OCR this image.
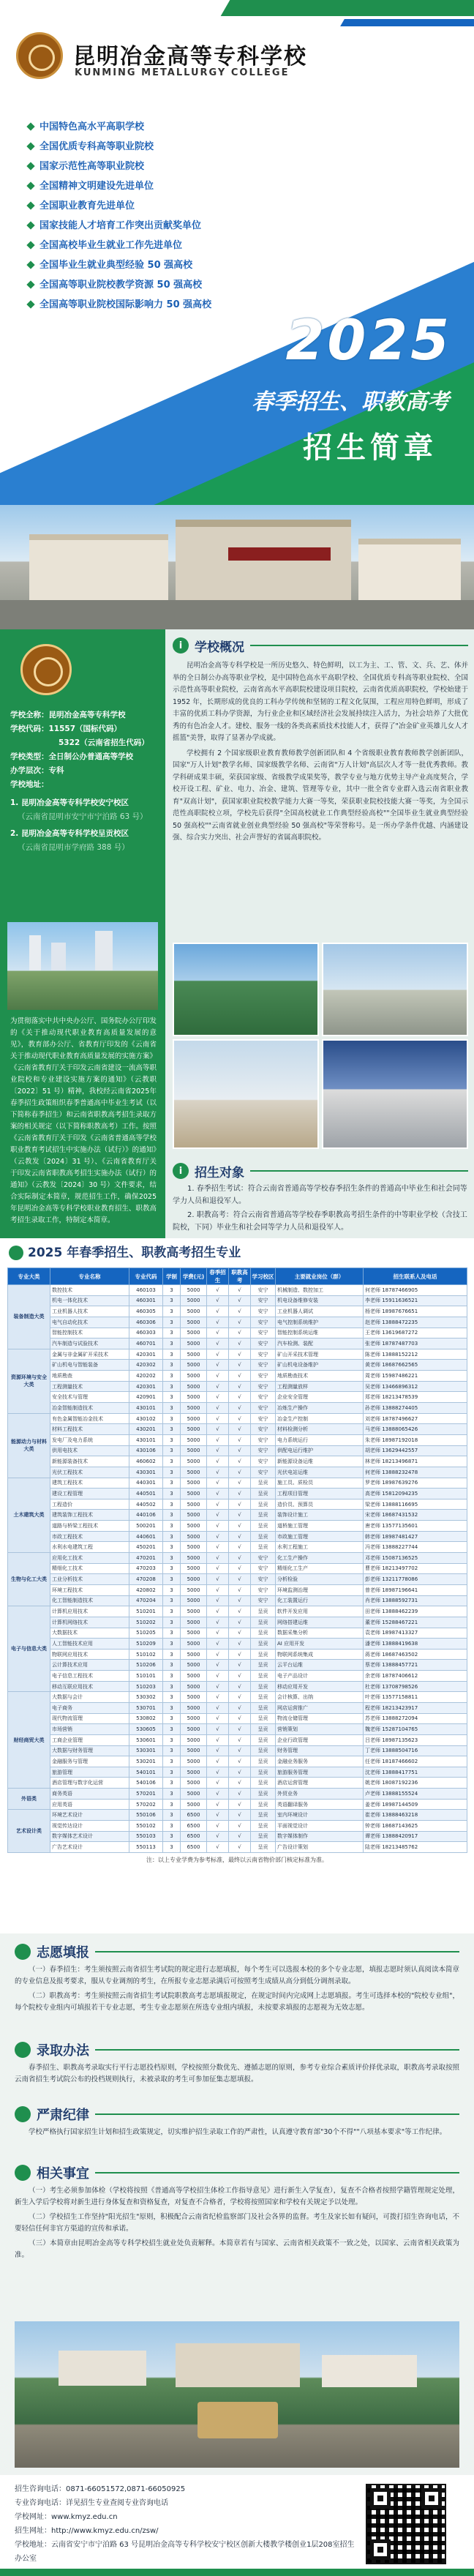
昆明冶金高等专科学校
KUNMING METALLURGY COLLEGE
中国特色高水平高职学校
全国优质专科高等职业院校
国家示范性高等职业院校
全国精神文明建设先进单位
全国职业教育先进单位
国家技能人才培育工作突出贡献奖单位
全国高校毕业生就业工作先进单位
全国毕业生就业典型经验 50 强高校
全国高等职业院校教学资源 50 强高校
全国高等职业院校国际影响力 50 强高校
2025
春季招生、职教高考
招生简章
学校全称：昆明冶金高等专科学校
学校代码：11557（国标代码）
5322（云南省招生代码）
学校类型：全日制公办普通高等学校
办学层次：专科
学校地址：
1. 昆明冶金高等专科学校安宁校区
（云南省昆明市安宁市宁泊路 63 号）
2. 昆明冶金高等专科学校呈贡校区
（云南省昆明市学府路 388 号）
为贯彻落实中共中央办公厅、国务院办公厅印发的《关于推动现代职业教育高质量发展的意见》，教育部办公厅、省教育厅印发的《云南省关于推动现代职业教育高质量发展的实施方案》《云南省教育厅关于印发云南省建设一流高等职业院校和专业建设实施方案的通知》（云教职〔2022〕51 号）精神，我校经云南省2025年春季招生政策组织春季普通高中毕业生考试（以下简称春季招生）和云南省职教高考招生录取方案的相关规定（以下简称职教高考）工作。按照《云南省教育厅关于印发《云南省普通高等学校职业教育考试招生中实施办法（试行）》的通知》（云教发〔2024〕31 号）、《云南省教育厅关于印发云南省职教高考招生实施办法（试行）的通知》（云教发〔2024〕30 号）文件要求，结合实际制定本简章，规范招生工作，确保2025年昆明冶金高等专科学校职业教育招生、职教高考招生录取工作，特制定本简章。
i 学校概况

昆明冶金高等专科学校是一所历史悠久、特色鲜明，以工为主、工、管、文、兵、艺、体并举的全日制公办高等职业学校，是中国特色高水平高职学校、全国优质专科高等职业院校、全国示范性高等职业院校，云南省高水平高职院校建设项目院校，云南省优质高职院校，学校始建于 1952 年，长期形成的优良的工科办学传统和坚韧的工程文化氛围，工程应用特色鲜明，形成了丰富的优质工科办学资源，为行业企业和区域经济社会发展持续注入活力，为社会培养了大批优秀的有色冶金人才。建校、服务一线的各类高素质技术技能人才，获得了"冶金矿业英雄儿女人才摇篮"美誉，取得了显著办学成就。

学校拥有 2 个国家级职业教育教师教学创新团队和 4 个省级职业教育教师教学创新团队，国家"万人计划"教学名师、国家级教学名师、云南省"万人计划"高层次人才等一批优秀教师。教学科研成果丰硕，荣获国家级、省级教学成果奖等，教学专业与地方优势主导产业高度契合，学校开设工程、矿业、电力、冶金、建筑、管理等专业，其中一批全省专业群入选云南省职业教育"双高计划"，获国家职业院校教学能力大赛一等奖，荣获职业院校技能大赛一等奖，为全国示范性高职院校立项，学校先后获得"全国高校就业工作典型经验高校""全国毕业生就业典型经验 50 强高校""云南省就业创业典型经验 50 强高校"等荣誉称号。是一所办学条件优越、内涵建设强、综合实力突出、社会声誉好的省属高职院校。

i 招生对象

1. 春季招生考试：符合云南省普通高等学校春季招生条件的普通高中毕业生和社会同等学力人员和退役军人。

2. 职教高考：符合云南省普通高等学校春季职教高考招生条件的中等职业学校（含技工院校，下同）毕业生和社会同等学力人员和退役军人。

2025 年春季招生、职教高考招生专业
专业大类	专业名称	专业代码	学制	学费(元)	春季招生	职教高考	学习校区	主要就业岗位（群）	招生联系人及电话
装备制造大类	数控技术	460103	3	5000	√	√	安宁	机械制造、数控加工	何老师 18787466905
	机电一体化技术	460301	3	5000	√	√	安宁	机电设备维修安装	李老师 15911636521
	工业机器人技术	460305	3	5000	√	√	安宁	工业机器人调试	杨老师 18987676651
	电气自动化技术	460306	3	5000	√	√	安宁	电气控制系统维护	赵老师 13888472235
	智能控制技术	460303	3	5000	√	√	安宁	智能控制系统运维	王老师 13619687272
	汽车制造与试验技术	460701	3	5000	√	√	安宁	汽车检测、装配	张老师 18787487703
资源环境与安全大类	金属与非金属矿开采技术	420301	3	5000	√	√	安宁	矿山开采技术管理	陈老师 13888152212
	矿山机电与智能装备	420302	3	5000	√	√	安宁	矿山机电设备维护	黄老师 18687662565
	地质勘查	420202	3	5000	√	√	安宁	地质勘查技术	周老师 15987486221
	工程测量技术	420301	3	5000	√	√	安宁	工程测量放样	吴老师 13466896312
	安全技术与管理	420901	3	5000	√	√	安宁	企业安全管理	郑老师 18213478539
	冶金智能制造技术	430101	3	5000	√	√	安宁	冶炼生产操作	孙老师 13888274405
能源动力与材料大类	有色金属智能冶金技术	430102	3	5000	√	√	安宁	冶金生产控制	刘老师 18787496627
	材料工程技术	430201	3	5000	√	√	安宁	材料检测分析	马老师 13888065426
	发电厂及电力系统	430101	3	5000	√	√	安宁	电力系统运行	朱老师 18987192018
	供用电技术	430106	3	5000	√	√	安宁	供配电运行维护	胡老师 13629442557
	新能源装备技术	460602	3	5000	√	√	安宁	新能源设备运维	林老师 18213496871
	光伏工程技术	430301	3	5000	√	√	安宁	光伏电站运维	何老师 13888232478
土木建筑大类	建筑工程技术	440301	3	5000	√	√	呈贡	施工员、质检员	罗老师 18987639276
	建设工程管理	440501	3	5000	√	√	呈贡	工程项目管理	高老师 15812094235
	工程造价	440502	3	5000	√	√	呈贡	造价员、预算员	梁老师 13888116695
	建筑装饰工程技术	440106	3	5000	√	√	呈贡	装饰设计施工	宋老师 18687431532
	道路与桥梁工程技术	500201	3	5000	√	√	呈贡	道桥施工管理	唐老师 13577135601
	市政工程技术	440601	3	5000	√	√	呈贡	市政施工管理	韩老师 18987481427
	水利水电建筑工程	450201	3	5000	√	√	呈贡	水利工程施工	冯老师 13888227744
生物与化工大类	应用化工技术	470201	3	5000	√	√	安宁	化工生产操作	邓老师 15087136525
	精细化工技术	470203	3	5000	√	√	安宁	精细化工生产	曹老师 18213497702
	工业分析技术	470208	3	5000	√	√	安宁	分析检验	彭老师 13211778086
	环境工程技术	420802	3	5000	√	√	安宁	环境监测治理	曾老师 18987196641
	化工智能制造技术	470204	3	5000	√	√	安宁	化工装置运行	肖老师 13888592731
电子与信息大类	计算机应用技术	510201	3	5000	√	√	呈贡	软件开发应用	田老师 13888462239
	计算机网络技术	510202	3	5000	√	√	呈贡	网络搭建运维	董老师 15288467221
	大数据技术	510205	3	5000	√	√	呈贡	数据采集分析	袁老师 18987413327
	人工智能技术应用	510209	3	5000	√	√	呈贡	AI 应用开发	潘老师 13888419638
	物联网应用技术	510102	3	5000	√	√	呈贡	物联网系统集成	蒋老师 18687463502
	云计算技术应用	510206	3	5000	√	√	呈贡	云平台运维	蔡老师 13888457721
	电子信息工程技术	510101	3	5000	√	√	呈贡	电子产品设计	余老师 18787406612
	移动互联应用技术	510203	3	5000	√	√	呈贡	移动应用开发	杜老师 13708798526
财经商贸大类	大数据与会计	530302	3	5000	√	√	呈贡	会计核算、出纳	叶老师 13577158811
	电子商务	530701	3	5000	√	√	呈贡	网店运营推广	程老师 18213423917
	现代物流管理	530802	3	5000	√	√	呈贡	物流仓储管理	苏老师 13888272094
	市场营销	530605	3	5000	√	√	呈贡	营销策划	魏老师 15287104765
	工商企业管理	530601	3	5000	√	√	呈贡	企业行政管理	吕老师 18987135623
	大数据与财务管理	530301	3	5000	√	√	呈贡	财务管理	丁老师 13888504716
	金融服务与管理	530201	3	5000	√	√	呈贡	金融业务服务	任老师 18187466602
	旅游管理	540101	3	5000	√	√	呈贡	旅游服务管理	沈老师 13888417751
	酒店管理与数字化运营	540106	3	5000	√	√	呈贡	酒店运营管理	姚老师 18087192236
外语类	商务英语	570201	3	5000	√	√	呈贡	外贸业务	卢老师 13888155524
	应用英语	570202	3	5000	√	√	呈贡	英语翻译服务	姜老师 18987144509
艺术设计类	环境艺术设计	550106	3	6500	√	√	呈贡	室内环境设计	崔老师 13888463218
	视觉传达设计	550102	3	6500	√	√	呈贡	平面视觉设计	钟老师 18687143625
	数字媒体艺术设计	550103	3	6500	√	√	呈贡	数字媒体制作	谭老师 13888420917
	广告艺术设计	550113	3	6500	√	√	呈贡	广告设计策划	陆老师 18213485762
注：以上专业学费为参考标准，最终以云南省物价部门核定标准为准。
志愿填报

（一）春季招生：考生须按照云南省招生考试院的规定进行志愿填报，每个考生可以选报本校的多个专业志愿，填报志愿时须认真阅读本简章的专业信息及报考要求，服从专业调剂的考生，在所报专业志愿录满后可按照考生成绩从高分到低分调剂录取。

（二）职教高考：考生须按照云南省招生考试院职教高考志愿填报规定，在规定时间内完成网上志愿填报。考生可选择本校的"院校专业组"，每个院校专业组内可填报若干专业志愿，考生专业志愿须在所选专业组内填报，未按要求填报的志愿视为无效志愿。

录取办法

春季招生、职教高考录取实行平行志愿投档原则，学校按照分数优先、遵循志愿的原则，参考专业综合素质评价择优录取，职教高考录取按照云南省招生考试院公布的投档规则执行，未被录取的考生可参加征集志愿填报。

严肃纪律

学校严格执行国家招生计划和招生政策规定，切实维护招生录取工作的严肃性，认真遵守教育部"30个不得""八项基本要求"等工作纪律。

相关事宜

（一）考生必须参加体检（学校将按照《普通高等学校招生体检工作指导意见》进行新生入学复查），复查不合格者按照学籍管理规定处理，新生入学后学校将对新生进行身体复查和资格复查，对复查不合格者，学校将按照国家和学校有关规定予以处理。

（二）学校招生工作坚持"阳光招生"原则，积极配合云南省纪检监察部门及社会各界的监督。考生及家长如有疑问，可拨打招生咨询电话，不要轻信任何非官方渠道的宣传和承诺。

（三）本简章由昆明冶金高等专科学校招生就业处负责解释。本简章若有与国家、云南省相关政策不一致之处，以国家、云南省相关政策为准。

招生咨询电话：0871-66051572,0871-66050925
专业咨询电话：详见招生专业查阅专业咨询电话
学校网址：www.kmyz.edu.cn
招生网址：http://www.kmyz.edu.cn/zsw/
学校地址：云南省安宁市宁泊路 63 号昆明冶金高等专科学校安宁校区创新大楼教学楼创业1层208室招生办公室
